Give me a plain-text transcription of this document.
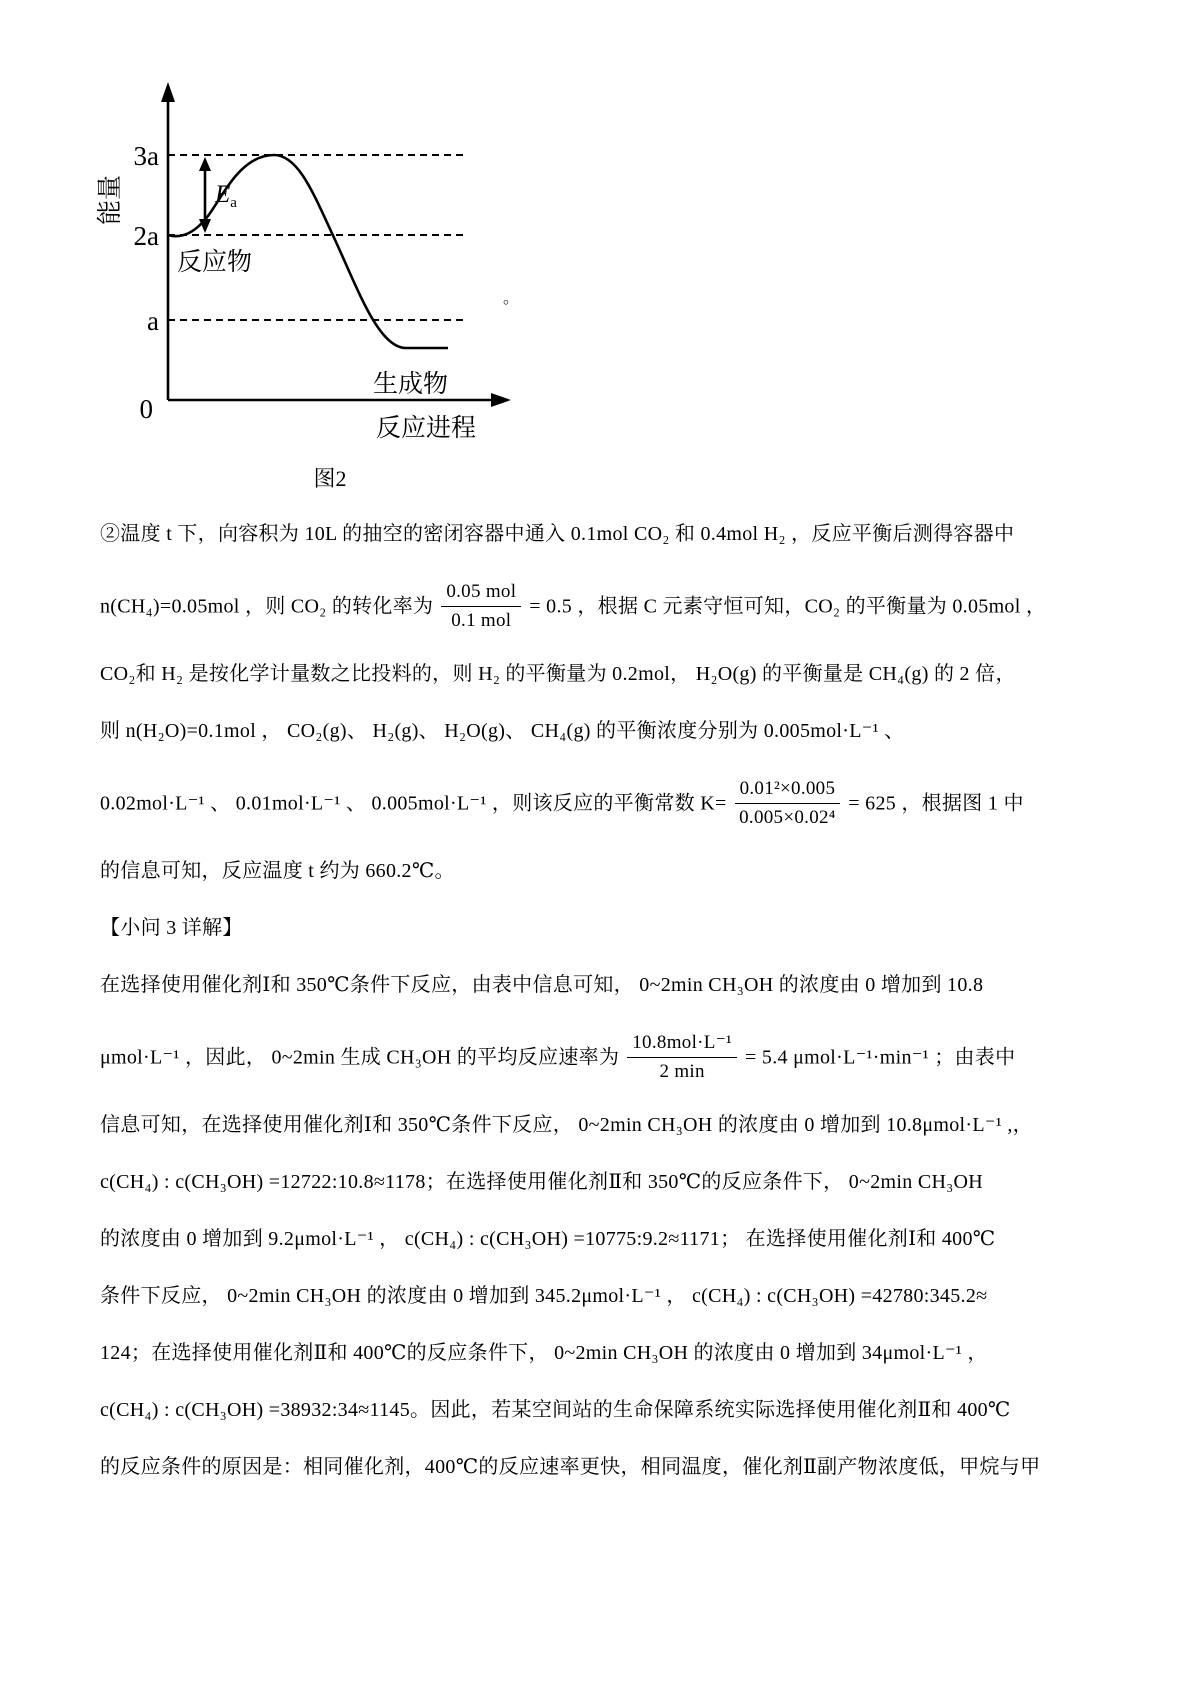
Ea
能量
3a
2a
a
0
反应物
生成物
反应进程
。
图2

②温度 t 下，向容积为 10L 的抽空的密闭容器中通入 0.1mol CO₂ 和 0.4mol H₂ ，反应平衡后测得容器中

n(CH₄)=0.05mol ，则 CO₂ 的转化率为 $\frac{\text{0.05 mol}}{\text{0.1 mol}} = 0.5$ ，根据 C 元素守恒可知，CO₂ 的平衡量为 0.05mol ，

CO₂和 H₂ 是按化学计量数之比投料的，则 H₂ 的平衡量为 0.2mol， H₂O(g) 的平衡量是 CH₄(g) 的 2 倍，

则 n(H₂O)=0.1mol ， CO₂(g)、 H₂(g)、 H₂O(g)、 CH₄(g) 的平衡浓度分别为 0.005mol·L⁻¹ 、

0.02mol·L⁻¹ 、 0.01mol·L⁻¹ 、 0.005mol·L⁻¹ ，则该反应的平衡常数 $K= \frac{\text{0.01²×0.005}}{\text{0.005×0.02⁴}} = 625$ ，根据图 1 中

的信息可知，反应温度 t 约为 660.2℃。

【小问 3 详解】

在选择使用催化剂Ⅰ和 350℃条件下反应，由表中信息可知， 0~2min CH₃OH 的浓度由 0 增加到 10.8

μmol·L⁻¹ ，因此， 0~2min 生成 CH₃OH 的平均反应速率为 $\frac{\text{10.8mol·L⁻¹}}{2 \min} = 5.4$ μmol·L⁻¹·min⁻¹ ；由表中

信息可知，在选择使用催化剂Ⅰ和 350℃条件下反应， 0~2min CH₃OH 的浓度由 0 增加到 10.8μmol·L⁻¹ ,，

c(CH₄) : c(CH₃OH) =12722:10.8≈1178；在选择使用催化剂Ⅱ和 350℃的反应条件下， 0~2min CH₃OH

的浓度由 0 增加到 9.2μmol·L⁻¹ ， c(CH₄) : c(CH₃OH) =10775:9.2≈1171； 在选择使用催化剂Ⅰ和 400℃

条件下反应， 0~2min CH₃OH 的浓度由 0 增加到 345.2μmol·L⁻¹ ， c(CH₄) : c(CH₃OH) =42780:345.2≈

124；在选择使用催化剂Ⅱ和 400℃的反应条件下， 0~2min CH₃OH 的浓度由 0 增加到 34μmol·L⁻¹ ，

c(CH₄) : c(CH₃OH) =38932:34≈1145。因此，若某空间站的生命保障系统实际选择使用催化剂Ⅱ和 400℃

的反应条件的原因是：相同催化剂，400℃的反应速率更快，相同温度，催化剂Ⅱ副产物浓度低，甲烷与甲
